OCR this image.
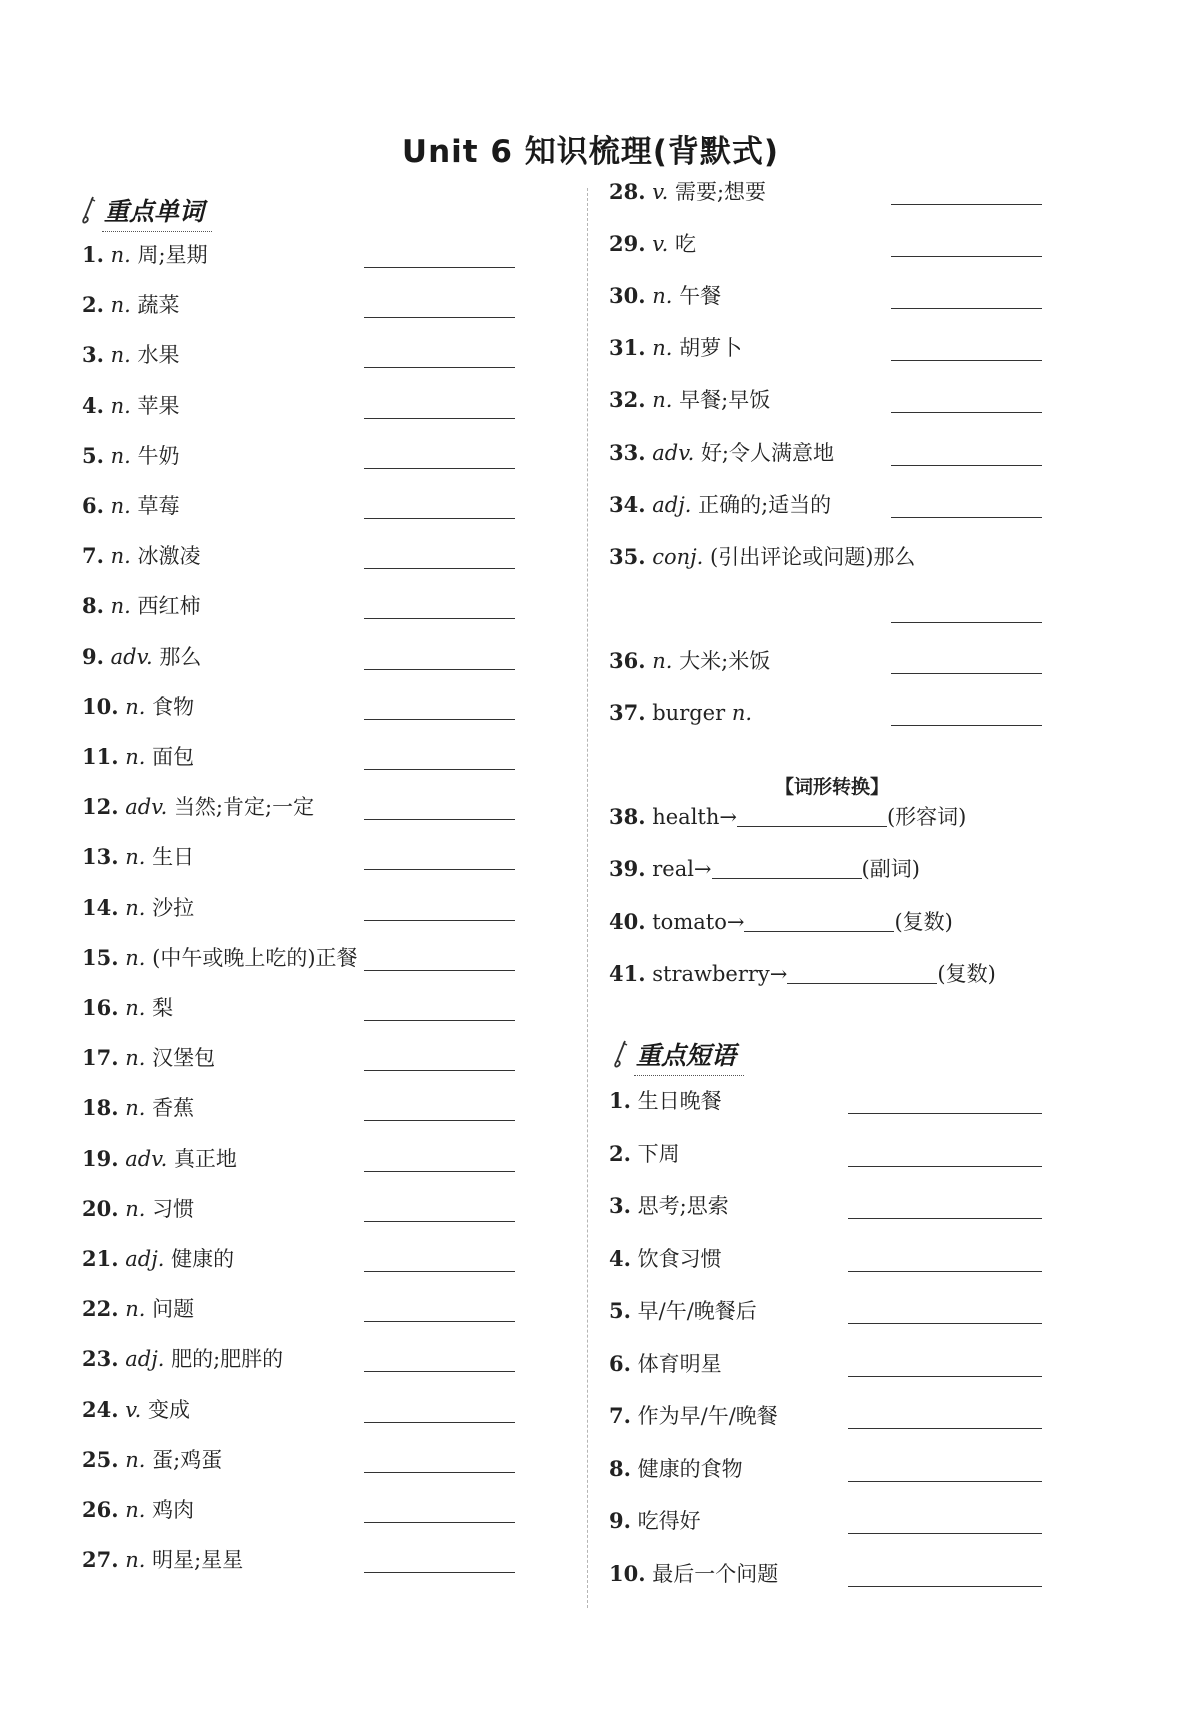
Unit 6 知识梳理(背默式)
重点单词
重点短语
【词形转换】
1. n. 周;星期
2. n. 蔬菜
3. n. 水果
4. n. 苹果
5. n. 牛奶
6. n. 草莓
7. n. 冰激凌
8. n. 西红柿
9. adv. 那么
10. n. 食物
11. n. 面包
12. adv. 当然;肯定;一定
13. n. 生日
14. n. 沙拉
15. n. (中午或晚上吃的)正餐
16. n. 梨
17. n. 汉堡包
18. n. 香蕉
19. adv. 真正地
20. n. 习惯
21. adj. 健康的
22. n. 问题
23. adj. 肥的;肥胖的
24. v. 变成
25. n. 蛋;鸡蛋
26. n. 鸡肉
27. n. 明星;星星
28. v. 需要;想要
29. v. 吃
30. n. 午餐
31. n. 胡萝卜
32. n. 早餐;早饭
33. adv. 好;令人满意地
34. adj. 正确的;适当的
35. conj. (引出评论或问题)那么
36. n. 大米;米饭
37. burger n.
38. health→	(形容词)
39. real→	(副词)
40. tomato→	(复数)
41. strawberry→	(复数)
1. 生日晚餐
2. 下周
3. 思考;思索
4. 饮食习惯
5. 早/午/晚餐后
6. 体育明星
7. 作为早/午/晚餐
8. 健康的食物
9. 吃得好
10. 最后一个问题
